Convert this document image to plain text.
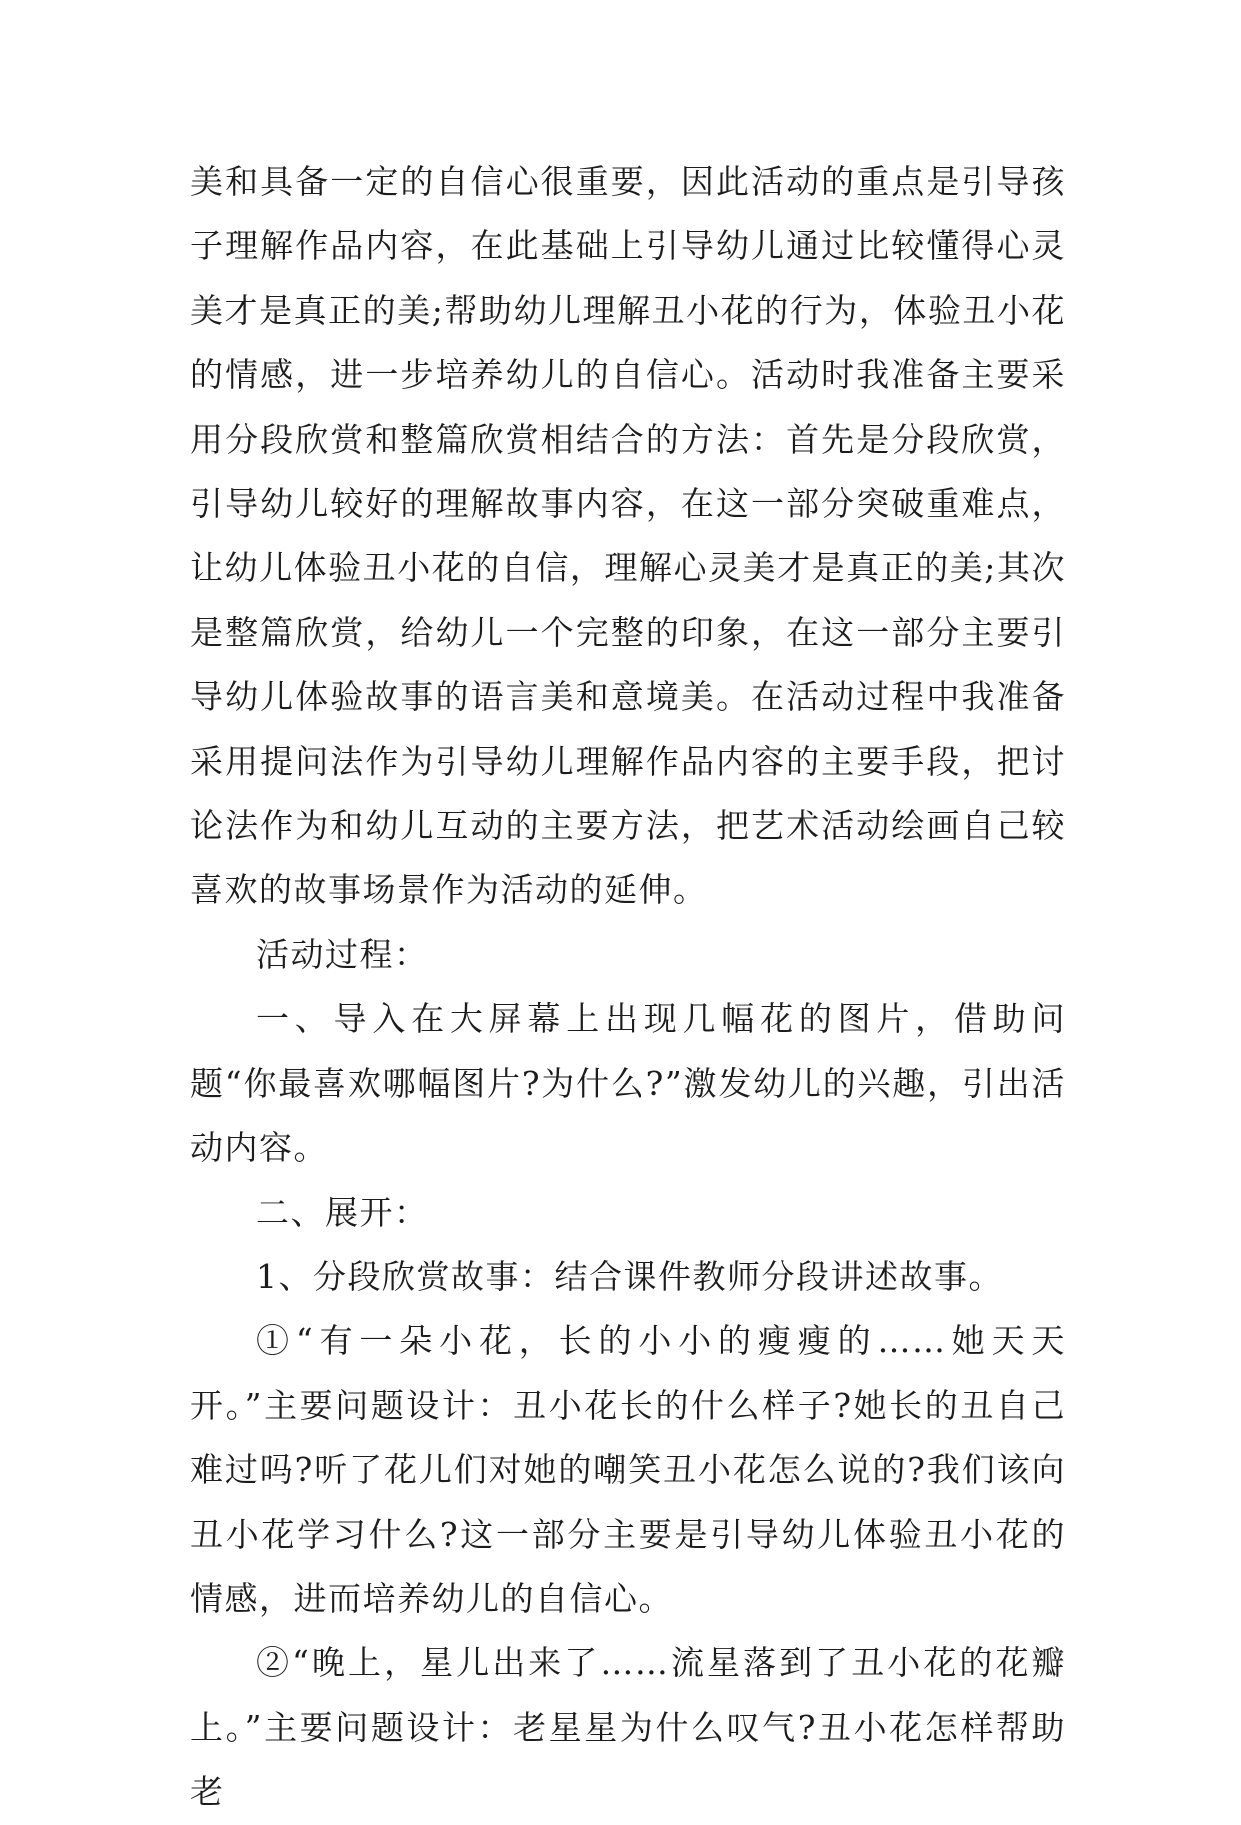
美和具备一定的自信心很重要，因此活动的重点是引导孩子理解作品内容，在此基础上引导幼儿通过比较懂得心灵美才是真正的美;帮助幼儿理解丑小花的行为，体验丑小花的情感，进一步培养幼儿的自信心。活动时我准备主要采用分段欣赏和整篇欣赏相结合的方法：首先是分段欣赏，引导幼儿较好的理解故事内容，在这一部分突破重难点，让幼儿体验丑小花的自信，理解心灵美才是真正的美;其次是整篇欣赏，给幼儿一个完整的印象，在这一部分主要引导幼儿体验故事的语言美和意境美。在活动过程中我准备采用提问法作为引导幼儿理解作品内容的主要手段，把讨论法作为和幼儿互动的主要方法，把艺术活动绘画自己较喜欢的故事场景作为活动的延伸。

活动过程：

一、导入在大屏幕上出现几幅花的图片，借助问题“你最喜欢哪幅图片?为什么?”激发幼儿的兴趣，引出活动内容。

二、展开：

1、分段欣赏故事：结合课件教师分段讲述故事。

①“有一朵小花，长的小小的瘦瘦的……她天天开。”主要问题设计：丑小花长的什么样子?她长的丑自己难过吗?听了花儿们对她的嘲笑丑小花怎么说的?我们该向丑小花学习什么?这一部分主要是引导幼儿体验丑小花的情感，进而培养幼儿的自信心。

②“晚上，星儿出来了……流星落到了丑小花的花瓣上。”主要问题设计：老星星为什么叹气?丑小花怎样帮助老
